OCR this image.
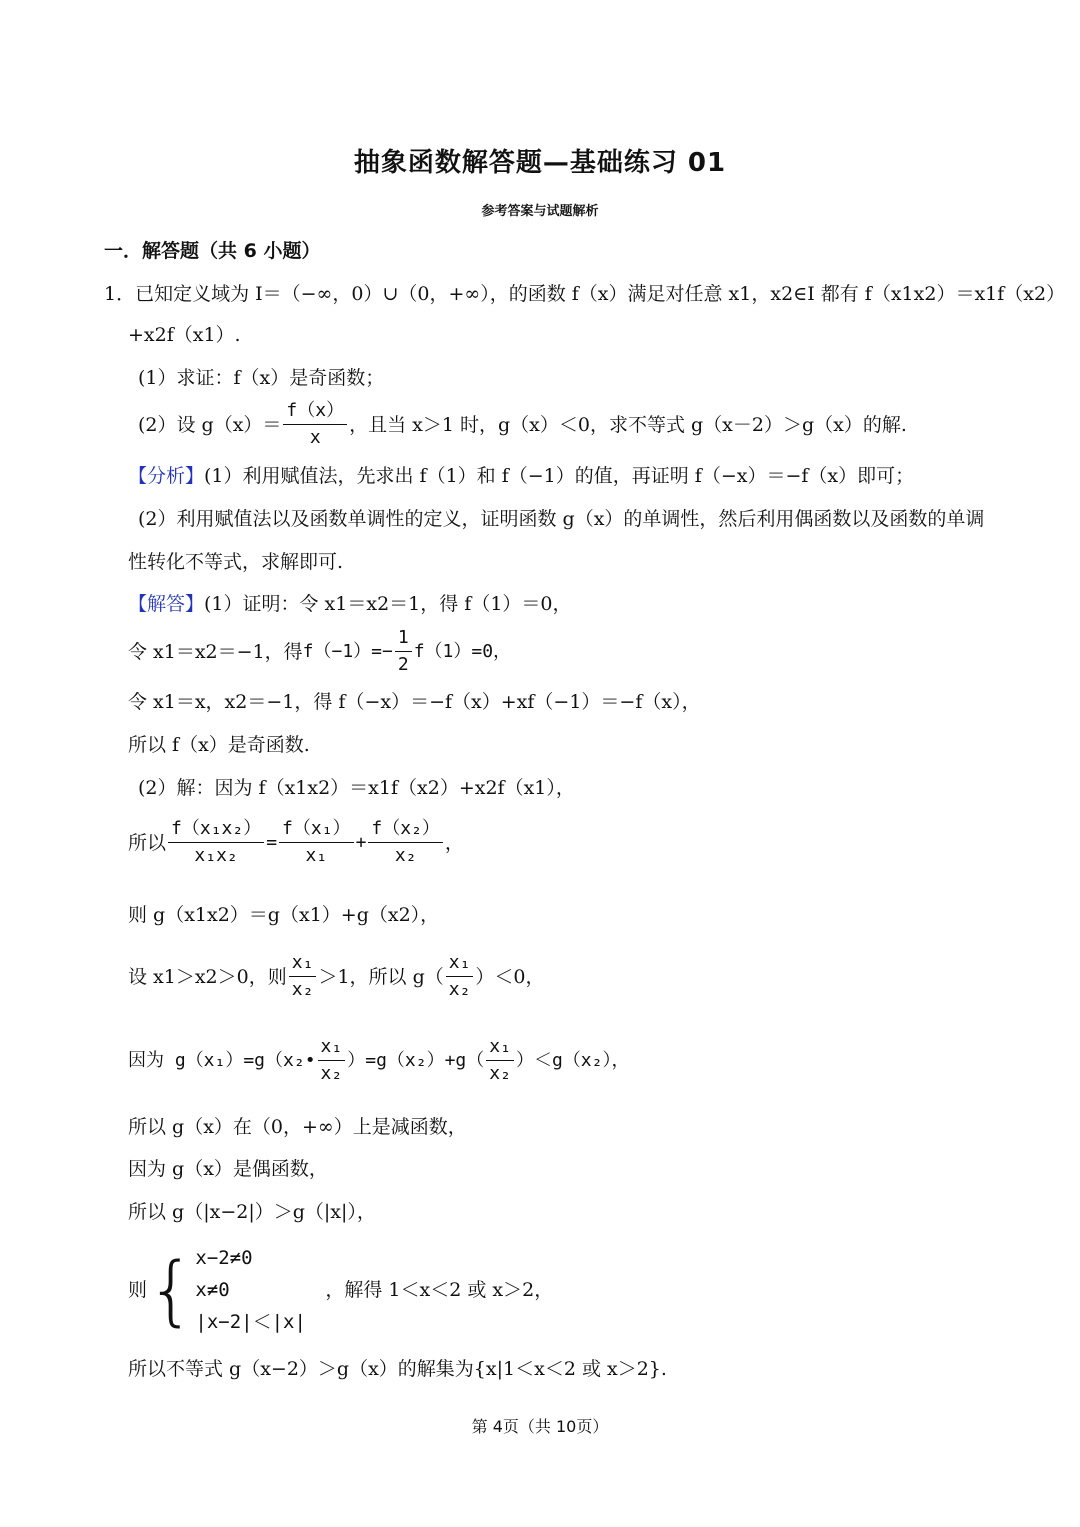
抽象函数解答题—基础练习 01
参考答案与试题解析
一．解答题（共 6 小题）
1．已知定义域为 I＝（−∞，0）∪（0，+∞），的函数 f（x）满足对任意 x1，x2∈I 都有 f（x1x2）＝x1f（x2）
+x2f（x1）.
(1）求证：f（x）是奇函数；
(2）设 $g(x)= \frac{f(x)}{x}$ ，且当 x＞1 时，g（x）＜0，求不等式 g（x－2）＞g（x）的解.
【分析】(1）利用赋值法，先求出 f（1）和 f（−1）的值，再证明 f（−x）＝−f（x）即可；
(2）利用赋值法以及函数单调性的定义，证明函数 g（x）的单调性，然后利用偶函数以及函数的单调
性转化不等式，求解即可.
【解答】(1）证明：令 x1＝x2＝1，得 f（1）＝0，
令 x1＝x2＝−1，得 $f(-1)=- \frac{1}{2} f(1)=0$，
令 x1＝x，x2＝−1，得 f（−x）＝−f（x）+xf（−1）＝−f（x），
所以 f（x）是奇函数.
(2）解：因为 f（x1x2）＝x1f（x2）+x2f（x1），
所以 $\frac{\text{f（x₁x₂）}}{\text{x₁x₂}} = \frac{\text{f（x₁）}}{\text{x₁}} + \frac{\text{f（x₂）}}{\text{x₂}}$ ，
则 g（x1x2）＝g（x1）+g（x2），
设 x1＞x2＞0，则 $\frac{\text{x₁}}{\text{x₂}} >1$，所以 $g( \frac{\text{x₁}}{\text{x₂}} )<0$，
因为 g（x₁）=g（x₂• $\frac{\text{x₁}}{\text{x₂}} )=g(x_2)+g( \frac{\text{x₁}}{\text{x₂}} )<g(x_2)$，
所以 g（x）在（0，+∞）上是减函数，
因为 g（x）是偶函数，
所以 g（|x−2|）＞g（|x|），
则 { x−2≠0
x≠0
|x−2|＜|x|
，解得 1＜x＜2 或 x＞2，
所以不等式 g（x−2）＞g（x）的解集为{x|1＜x＜2 或 x＞2}.
第 4页（共 10页）
